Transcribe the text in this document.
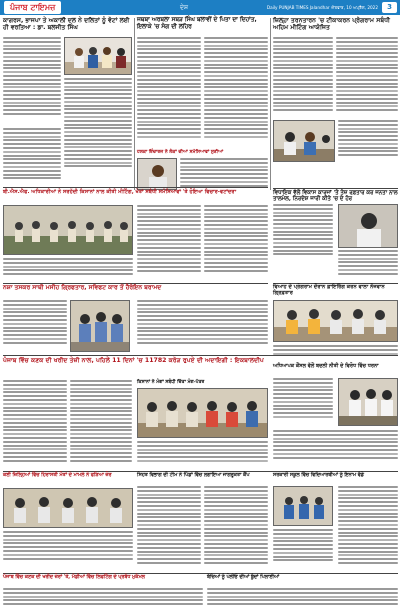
ਪੰਜਾਬ ਟਾਇਮਜ਼	ਦੇਸ਼	Daily PUNJAB TIMES Jalandhar ਐਤਵਾਰ, 10 ਅਪ੍ਰੈਲ, 2022	3
ਕਾਗਰਸ, ਭਾਜਪਾ ਤੇ ਅਕਾਲੀ ਦਲ ਨੇ ਦਲਿਤਾਂ ਨੂੰ ਵੋਟਾਂ ਲਈ ਹੀ ਵਰਤਿਆ : ਡਾ. ਬਲਜੀਤ ਸਿੰਘ
ਜਥਬਾ ਅਰਬਲਾ ਸਬੜ ਸਿੰਘ ਬਲਾਵੀਂ ਦੇ ਪਿਤਾ ਦਾ ਦਿਹਾਂਤ, ਇਲਾਕੇ 'ਚ ਸੋਗ ਦੀ ਲਹਿਰ
ਹਲਕਾ ਇੰਚਾਰਜ ਨੇ ਲੋਕਾਂ ਦੀਆਂ ਸਮੱਸਿਆਵਾਂ ਸੁਣੀਆਂ
ਜ਼ਿਲ੍ਹਾ ਤਰਨਤਾਰਨ 'ਚ ਟੀਕਾਕਰਨ ਪ੍ਰੋਗਰਾਮ ਸਬੰਧੀ ਅਹਿਮ ਮੀਟਿੰਗ ਆਯੋਜਿਤ
ਵਿਧਾਇਕ ਵੱਲੋਂ ਵਿਕਾਸ ਕਾਰਜਾਂ 'ਤੇ ਤੇਜ਼ ਰਫ਼ਤਾਰ ਕਰ ਜਨਤਾ ਨਾਲ ਤਾਲਮੇਲ, ਨਿਰਦੇਸ਼ ਜਾਰੀ ਕੀਤੇ 'ਚ ਦੇ ਹੋਰ
ਬੀ.ਐਸ.ਐਫ. ਅਧਿਕਾਰੀਆਂ ਨੇ ਸਰਹੱਦੀ ਕਿਸਾਨਾਂ ਨਾਲ ਕੀਤੀ ਮੀਟਿੰਗ, ਖੇਤਾਂ ਸਬੰਧੀ ਸਮੱਸਿਆਵਾਂ 'ਤੇ ਹੋਇਆ ਵਿਚਾਰ-ਵਟਾਂਦਰਾ
ਨਸ਼ਾ ਤਸਕਰ ਸਾਥੀ ਮਸੀਹ ਗ੍ਰਿਫਤਾਰ, ਸਵਿਫਟ ਕਾਰ ਤੋਂ ਹੈਰੋਇਨ ਬਰਾਮਦ	ਵਿਆਹ ਦੇ ਪ੍ਰੋਗਰਾਮ ਦੌਰਾਨ ਫ਼ਾਇਰਿੰਗ ਕਰਨ ਵਾਲਾ ਨੌਜਵਾਨ ਗ੍ਰਿਫ਼ਤਾਰ
ਪੰਜਾਬ ਵਿੱਚ ਕਣਕ ਦੀ ਖਰੀਦ ਤੇਜ਼ੀ ਨਾਲ, ਪਹਿਲੇ 11 ਦਿਨਾਂ 'ਚ 11782 ਕਰੋੜ ਰੁਪਏ ਦੀ ਅਦਾਇਗੀ : ਇਕਬਾਲਦੀਪ
ਕਿਸਾਨਾਂ ਨੇ ਮੰਗਾਂ ਸਬੰਧੀ ਦਿੱਤਾ ਮੰਗ-ਪੱਤਰ
ਅਧਿਆਪਕ ਕੌਂਸਲ ਵੱਲੋਂ ਬਦਲੀ ਨੀਤੀ ਦੇ ਵਿਰੋਧ ਵਿੱਚ ਧਰਨਾ
ਕਈ ਜ਼ਿਲ੍ਹਿਆਂ ਵਿੱਚ ਹਿਰਾਸਤੀ ਮੌਤਾਂ ਦੇ ਮਾਮਲੇ ਨੇ ਫੜਿਆ ਜ਼ੋਰ	ਸਿਹਤ ਵਿਭਾਗ ਦੀ ਟੀਮ ਨੇ ਪਿੰਡਾਂ ਵਿੱਚ ਲਗਾਇਆ ਜਾਗਰੂਕਤਾ ਕੈਂਪ	ਸਰਕਾਰੀ ਸਕੂਲ ਵਿੱਚ ਵਿਦਿਆਰਥੀਆਂ ਨੂੰ ਇਨਾਮ ਵੰਡੇ
ਪੰਜਾਬ ਵਿੱਚ ਕਣਕ ਦੀ ਖਰੀਦ ਜ਼ੋਰਾਂ 'ਤੇ, ਮੰਡੀਆਂ ਵਿੱਚ ਲਿਫਟਿੰਗ ਦੇ ਪ੍ਰਬੰਧ ਮੁਕੰਮਲ	ਬੱਚਿਆਂ ਨੂੰ ਪੋਲੀਓ ਦੀਆਂ ਬੂੰਦਾਂ ਪਿਲਾਈਆਂ
